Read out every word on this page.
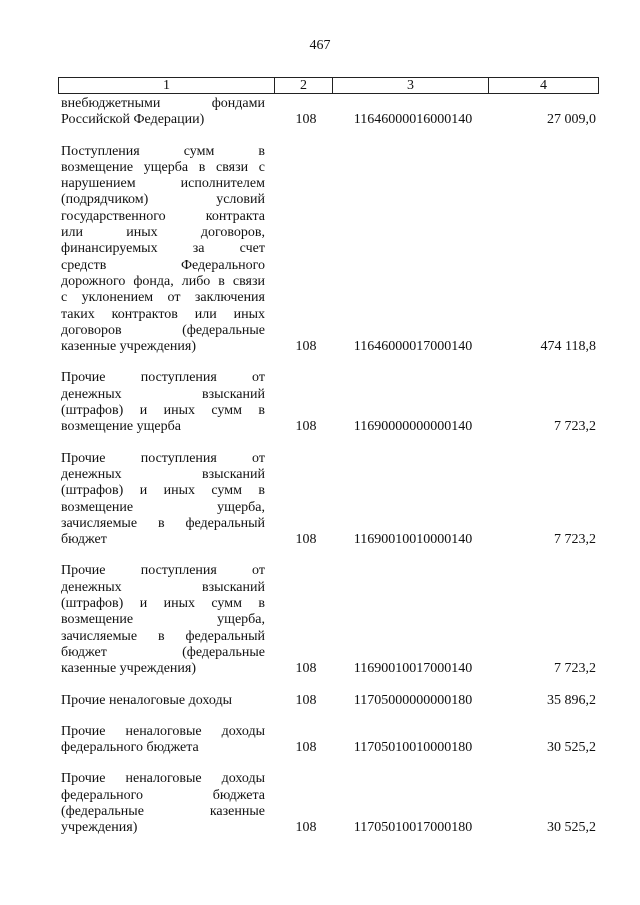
467
1	2	3	4
внебюджетными фондами
Российской Федерации)	108	11646000016000140	27 009,0
Поступления сумм в
возмещение ущерба в связи с
нарушением исполнителем
(подрядчиком) условий
государственного контракта
или иных договоров,
финансируемых за счет
средств Федерального
дорожного фонда, либо в связи
с уклонением от заключения
таких контрактов или иных
договоров (федеральные
казенные учреждения)	108	11646000017000140	474 118,8
Прочие поступления от
денежных взысканий
(штрафов) и иных сумм в
возмещение ущерба	108	11690000000000140	7 723,2
Прочие поступления от
денежных взысканий
(штрафов) и иных сумм в
возмещение ущерба,
зачисляемые в федеральный
бюджет	108	11690010010000140	7 723,2
Прочие поступления от
денежных взысканий
(штрафов) и иных сумм в
возмещение ущерба,
зачисляемые в федеральный
бюджет (федеральные
казенные учреждения)	108	11690010017000140	7 723,2
Прочие неналоговые доходы	108	11705000000000180	35 896,2
Прочие неналоговые доходы
федерального бюджета	108	11705010010000180	30 525,2
Прочие неналоговые доходы
федерального бюджета
(федеральные казенные
учреждения)	108	11705010017000180	30 525,2
